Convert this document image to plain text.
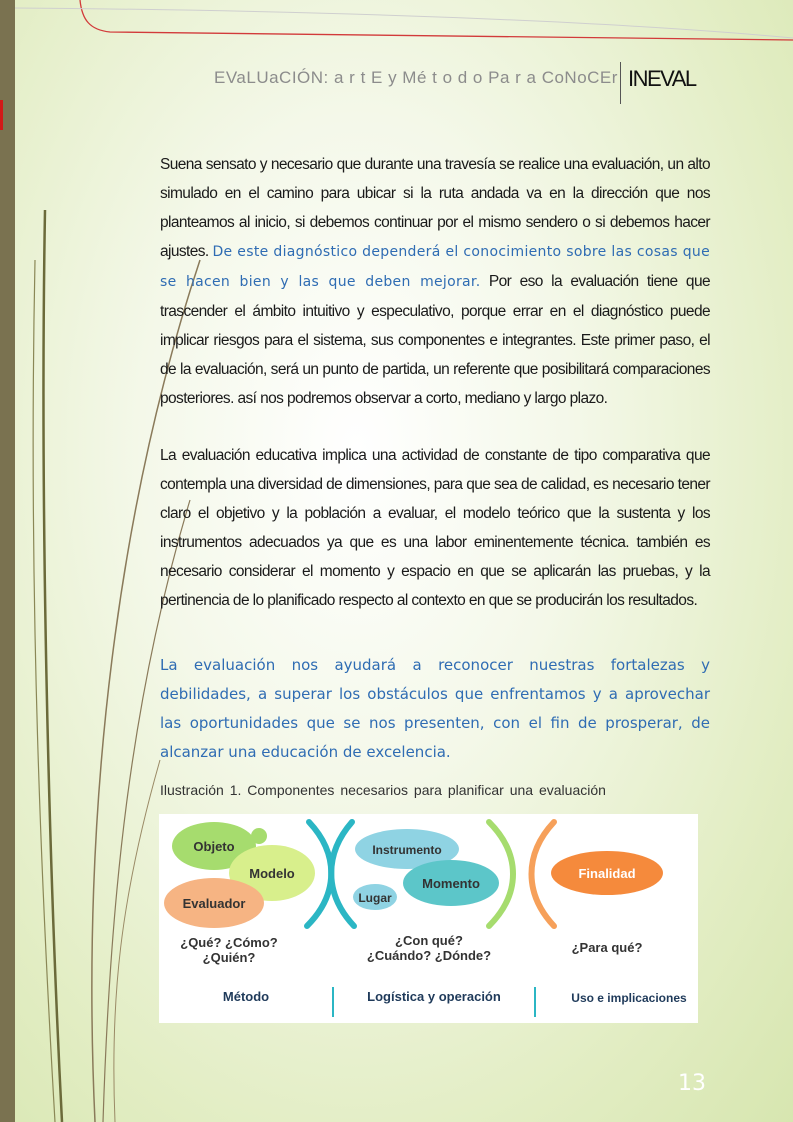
EVaLUaCIÓN: a r t E y Mé t o d o Pa r a CoNoCEr INEVAL

Suena sensato y necesario que durante una travesía se realice una evaluación, un alto simulado en el camino para ubicar si la ruta andada va en la dirección que nos planteamos al inicio, si debemos continuar por el mismo sendero o si debemos hacer ajustes. De este diagnóstico dependerá el conocimiento sobre las cosas que se hacen bien y las que deben mejorar. Por eso la evaluación tiene que trascender el ámbito intuitivo y especulativo, porque errar en el diagnóstico puede implicar riesgos para el sistema, sus componentes e integrantes. Este primer paso, el de la evaluación, será un punto de partida, un referente que posibilitará comparaciones posteriores. así nos podremos observar a corto, mediano y largo plazo.

La evaluación educativa implica una actividad de constante de tipo comparativa que contempla una diversidad de dimensiones, para que sea de calidad, es necesario tener claro el objetivo y la población a evaluar, el modelo teórico que la sustenta y los instrumentos adecuados ya que es una labor eminentemente técnica. también es necesario considerar el momento y espacio en que se aplicarán las pruebas, y la pertinencia de lo planificado respecto al contexto en que se producirán los resultados.

La evaluación nos ayudará a reconocer nuestras fortalezas y debilidades, a superar los obstáculos que enfrentamos y a aprovechar las oportunidades que se nos presenten, con el fin de prosperar, de alcanzar una educación de excelencia.

Ilustración 1. Componentes necesarios para planificar una evaluación
Objeto
Modelo
Evaluador
¿Qué? ¿Cómo?
¿Quién?
Instrumento
Momento
Lugar
¿Con qué?
¿Cuándo? ¿Dónde?
Finalidad
¿Para qué?
Método	Logística y operación	Uso e implicaciones
13
